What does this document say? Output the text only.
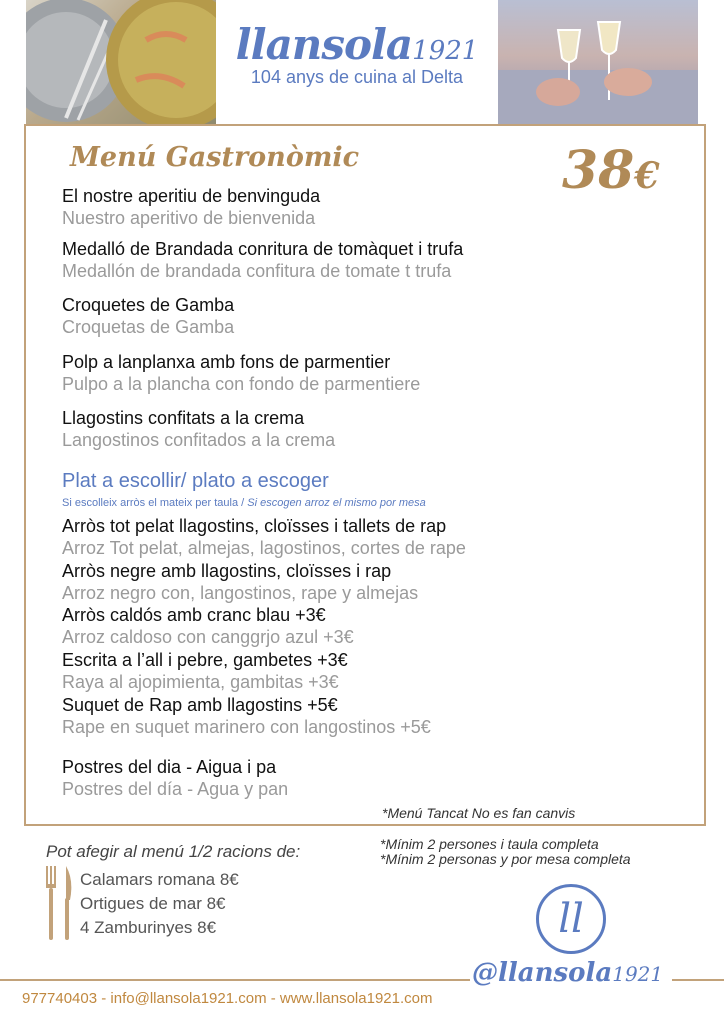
llansola1921
104 anys de cuina al Delta
Menú Gastronòmic	38€
El nostre aperitiu de benvinguda
Nuestro aperitivo de bienvenida
Medalló de Brandada conritura de tomàquet i trufa
Medallón de brandada confitura de tomate t trufa
Croquetes de Gamba
Croquetas de Gamba
Polp a lanplanxa amb fons de parmentier
Pulpo a la plancha con fondo de parmentiere
Llagostins confitats a la crema
Langostinos confitados a la crema
Plat a escollir/ plato a escoger
Si escolleix arròs el mateix per taula / Si escogen arroz el mismo por mesa
Arròs tot pelat llagostins, cloïsses i tallets de rap
Arroz Tot pelat, almejas, lagostinos, cortes de rape
Arròs negre amb llagostins, cloïsses i rap
Arroz negro con, langostinos, rape y almejas
Arròs caldós amb cranc blau +3€
Arroz caldoso con canggrjo azul +3€
Escrita a l’all i pebre, gambetes +3€
Raya al ajopimienta, gambitas +3€
Suquet de Rap amb llagostins +5€
Rape en suquet marinero con langostinos +5€
Postres del dia - Aigua i pa
Postres del día - Agua y pan
*Menú Tancat No es fan canvis
*Mínim 2 persones i taula completa
*Mínim 2 personas y por mesa completa
Pot afegir al menú 1/2 racions de:
Calamars romana 8€
Ortigues de mar 8€
4 Zamburinyes 8€	ll
@llansola1921
977740403 - info@llansola1921.com - www.llansola1921.com
